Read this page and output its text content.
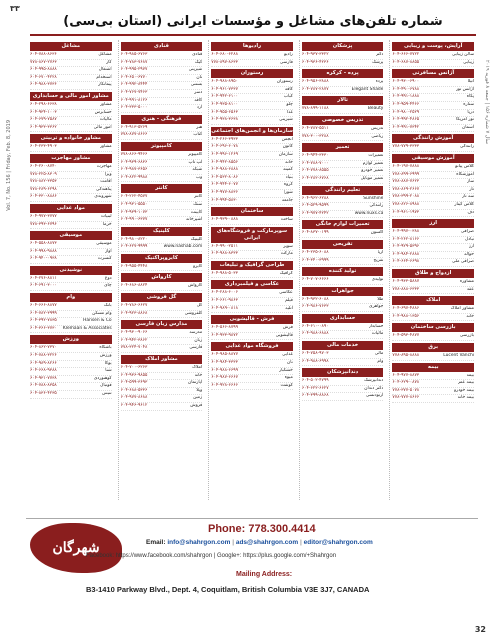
۳۳
Vol. 7, No. 156 | Friday, Feb. 8, 2019
سال ۷ شماره ۱۵۶ | جمعه ۸ فوریه ۲۰۱۹
شماره تلفن‌های مشاغل و مؤسسات ایرانی (استان بی‌سی)
آرایش، پوست و زیبایی
سالن زیبایی
۶۰۴-۶۶۶-۷۷۲۲
زیبایی
۶۰۴-۶۸۷-۸۸۵۵
آژانس مسافرتی
آتیلا
۶۰۴-۹۳۰-۶۹۰۰
آژانس تور
۶۰۴-۴۹۰-۶۷۸۸
پگاه
۶۰۴-۹۹۱-۱۸۸۸
ستاره
۶۰۴-۹۵۹-۴۴۶۶
دریا
۶۰۴-۹۸۰-۲۵۲۹
تور آمریکا
۶۰۴-۹۹۲-۴۸۶۵
آسمان
۶۰۴-۹۹۱-۷۳۴۲
آموزش رانندگی
رانندگی
۷۷۸-۷۷۹-۳۳۳۳
آموزش موسیقی
کلاس پیانو
۶۰۴-۱۹۷-۷۸۸۸
آموزشگاه
۷۷۸-۸۹۹-۶۹۹۹
ساز
۷۷۸-۸۸۷-۷۶۲۳
تار
۷۷۸-۸۶۹-۲۶۶۷
سه تار
۷۷۸-۳۹۹-۲۰۸۸
کلاس گیتار
۷۷۸-۸۲۶-۸۹۸۸
دف
۶۰۴-۹۶۱-۱۹۷۳
ارز
صرافی
۶۰۴-۹۹۷-۰۳۸۸
تبادل
۶۰۴-۲۶۲-۸۱۶۶
ارز
۶۰۴-۹۲۹-۵۳۹۶
حواله
۶۰۴-۹۸۴-۲۸۸۸
صرافی ملی
۶۰۴-۶۶۴-۶۶۹۸
ازدواج و طلاق
مشاوره
۶۰۴-۹۳۳-۵۸۸۷
عقد
۷۷۸-۸۸۸-۶۳۳۳
املاک
مشاور املاک
۶۰۴-۶۹۷-۴۸۸۶
خانه
۶۰۴-۹۸۸-۱۳۵۶
بازرسی ساختمان
بازرسی
۶۰۴-۵۹۳-۴۸۷۷
برق
Lucent Vanchi
۷۷۸-۸۹۵-۸۸۸۸
بیمه
بیمه
۶۰۴-۹۷۷-۸۸۷۳
بیمه عمر
۶۰۴-۶۲۹-۰۸۷۸
بیمه خودرو
۷۷۸-۳۷۷-۵۰۷۸
بیمه خانه
۷۷۸-۷۷۷-۸۶۶۶
پزشکان
دکتر
۶۰۴-۹۳۷-۳۳۲۲
پزشک
۶۰۴-۹۳۶-۴۲۳۶
پرده - کرکره
پرده
۶۰۴-۹۵۶-۳۸۸۸
Elegant Shade
۶۰۴-۷۸۷-۲۸۷۷
تالار
Beauty
۷۷۸-۸۹۹-۱۱۸۸
تدریس خصوصی
تدریس
۶۰۴-۷۸۷-۵۵۱۱
ریاضی
۷۷۸-۳۰۰-۳۲۸۸
تعمیر
تعمیرات
۶۰۴-۹۴۴-۳۳۳۰
تعمیر لوازم
۶۰۴-۷۸۸-۷۰۰۰
تعمیر خودرو
۶۰۴-۷۷۸-۸۵۵۵
تعمیر موبایل
۶۰۴-۲۸۲-۶۷۶۸
تعلیم رانندگی
Sunshine
۶۰۴-۹۶۲-۶۲۸۸
رانندگی
۶۰۴-۵۲۹-۹۵۹۹
www.nuxs.ca
۶۰۴-۹۷۷-۴۲۴۲
تعمیرات لوازم خانگی
آکسون
۶۰۴-۸۳۷-۰۱۹۹
تفریحی
آریا
۶۰۴-۲۳۵-۶۰۸۸
تفریح
۶۰۴-۳۴۰-۳۹۹۹
تولید کننده
تولیدی
۶۰۴-۷۰۷-۶۶۶۶
جواهرات
طلا
۶۰۴-۹۳۲-۶۰۸۸
جواهری
۶۰۴-۹۸۶-۷۶۳۳
حسابداری
حسابدار
۶۰۴-۶۱۰-۰۸۹۰
مالیات
۶۰۴-۹۸۸-۶۸۸۸
خدمات مالی
مالی
۶۰۴-۷۵۸-۹۷۰۳
وام
۶۰۴-۹۸۸-۶۹۹۸
دندانپزشکان
دندانپزشک
۶۰۴-۵۰۲-۴۷۹۹
دکتر دندان
۶۰۴-۶۲۲-۶۶۲۷
ارتودنسی
۶۰۴-۳۹۹-۸۸۶۸
رادیوها
رادیو
۶۰۴-۶۸۰-۶۲۸۸
فارسی
۷۷۸-۸۹۷-۸۶۳۳
رستوران
رستوران
۶۰۴-۹۸۸-۸۹۵۰
کافه
۶۰۴-۹۶۱-۷۳۳۷
کباب
۶۰۴-۹۴۲-۶۱۰۰
چلو
۶۰۴-۹۳۵-۸۱۰۰
غذا
۶۰۴-۹۵۵-۶۵۶۳
شیرینی
۶۰۴-۹۳۸-۳۶۳۸
سازمان‌ها و انجمن‌های اجتماعی
انجمن
۶۰۴-۲۶۶-۳۹۳۳
کانون
۶۰۴-۶۹۶-۶۰۷۸
سازمان
۶۰۴-۹۹۶-۱۲۶۹
خانه
۶۰۴-۹۴۲-۸۵۵۶
کمیته
۶۰۴-۹۸۸-۶۸۸۸
بنیاد
۶۰۴-۵۳۲-۸۰۸۶
گروه
۶۰۴-۹۴۴-۶۰۷۷
شورا
۶۰۴-۹۷۷-۸۸۳۶
جامعه
۶۰۴-۹۹۴-۵۸۳۰
ساختمان
ساخت
۶۰۴-۹۳۹-۰۸۸۸
سوپرمارکت و فروشگاه‌های ایرانی
سوپر
۶۰۴-۹۹۰-۲۵۱۱
مارکت
۶۰۴-۹۸۸-۸۳۳۳
طراحی گرافیک و تبلیغات
گرافیک
۶۰۴-۹۸۸-۵۰۳۳
عکاسی و فیلمبرداری
عکاسی
۶۰۴-۲۸۸-۶۰۰۶
فیلم
۶۰۴-۶۶۱-۹۸۶۳
آتلیه
۶۰۴-۹۸۹-۰۸۱۸
فرش - قالیشویی
فرش
۶۰۴-۵۶۶-۸۷۹۹
قالیشویی
۶۰۴-۹۳۳-۹۸۷۲
فروشگاه مواد غذایی
غذایی
۶۰۴-۹۸۵-۸۸۷۷
نان
۶۰۴-۹۸۴-۳۳۳۳
خشکبار
۶۰۴-۹۸۸-۶۶۹۹
میوه
۶۰۴-۹۸۷-۶۶۶۷
گوشت
۶۰۴-۹۲۸-۶۶۶۶
قنادی
قنادی
۶۰۴-۹۸۵-۶۷۶۳
کیک
۶۰۴-۷۸۳-۷۶۸۷
شیرینی
۶۰۴-۹۹۵-۲۹۷۷
نان
۶۰۴-۶۵۰-۶۷۷۰
بستنی
۶۰۴-۹۹۲-۸۴۴۴
دسر
۶۰۴-۷۶۷-۷۴۶۳
کافه
۶۰۴-۹۹۱-۸۱۲۶
آرد
۶۰۴-۳۳۳-۵۰۰۰
فرهنگی - هنری
هنر
۶۰۴-۹۱۳-۵۲۶۹
کتاب
۷۷۸-۸۷۷-۸۶۶۶
کامپیوتر
کامپیوتر
۷۷۸-۸۶۶-۹۴۶۶
لپ تاپ
۶۰۴-۹۳۹-۶۸۳۶
شبکه
۶۰۴-۹۸۷-۳۶۵۶
وب
۶۰۴-۸۲۲-۹۹۸۸
کانتر
کانتر
۶۰۴-۲۶۲-۴۵۷۷
سنگ
۶۰۴-۹۳۱-۵۵۵۰
کابینت
۶۰۴-۹۳۹-۱۰۷۳
آشپزخانه
۶۰۴-۹۹۰-۶۳۷۷
کلینیک
کلینیک
۶۰۴-۹۸۰-۸۲۲۰
www.nashab.com
۶۰۴-۶۲۷-۹۹۹۹
کایروپراکتیک
کایرو
۶۰۴-۹۵۵-۴۴۴۸
کارواش
کارواش
۶۰۴-۶۸۶-۸۸۲۴
گل فروشی
گل
۶۰۴-۷۸۶-۶۶۲۷
گلفروشی
۶۰۴-۹۲۳-۸۸۶۸
مدارس زبان فارسی
مدرسه
۶۰۴-۹۳۰-۹۰۶۶
زبان
۶۰۴-۹۴۲-۳۸۶۲
فارسی
۷۷۸-۳۲۴-۷۰۴۸
مشاور املاک
املاک
۶۰۴-۷۰۰-۶۲۶۳
خانه
۶۰۴-۹۳۶-۹۸۵۵
آپارتمان
۶۰۴-۵۹۹-۳۶۹۳
ویلا
۶۰۴-۶۸۸-۵۳۳۶
زمین
۶۰۴-۹۷۷-۸۶۸۸
فروش
۶۰۴-۹۴۶-۹۶۱۲
مشاغل
مشاغل
۶۰۴-۷۸۸-۸۶۳۶
کار
۷۷۸-۸۶۷-۲۷۶۳
اشتغال
۶۰۴-۹۹۵-۸۸۸۸
استخدام
۶۰۴-۶۷۰-۴۲۲۸
پیمانکار
۶۰۴-۹۸۸-۳۷۳۶
مشاور امور مالی و حسابداری
مشاور
۶۰۴-۲۹۸-۶۶۳۸
حسابرس
۶۰۴-۹۳۴-۱۰۰۳
مالیات
۶۰۴-۶۷۹-۷۵۸۷
امور مالی
۶۰۴-۹۳۳-۳۳۶۲
مشاور خانواده و تربیتی
مشاور
۶۰۴-۲۳۳-۴۹۰۳
مشاور مهاجرت
مهاجرت
۶۰۴-۲۶۰-۸۷۴۰
ویزا
۷۷۸-۲۲۵-۸۳۰۹
اقامت
۷۷۸-۸۸۲-۳۳۵۳
پناهندگی
۷۷۸-۲۸۹-۶۲۹۸
شهروندی
۶۰۴-۳۳۰-۸۸۸۶
مواد غذایی
لبنیات
۶۰۴-۹۷۷-۳۷۷۷
خرما
۷۷۸-۳۹۳-۶۷۹۶
موسیقی
موسیقی
۶۰۴-۵۵۸-۸۸۷۳
آواز
۶۰۴-۹۹۸-۹۸۸۸
کنسرت
۶۰۴-۹۴۰-۰۹۳۸
نوشیدنی
دوغ
۶۰۴-۲۷۶-۸۸۱۱
چای
۶۰۴-۶۹۱-۳۰۰۰
وام
بانک
۶۰۴-۶۶۶-۸۸۷۷
وام مسکن
۶۰۴-۷۸۲-۳۹۹۹
Hansen & Co
۶۰۴-۳۹۲-۷۸۳۵
Klemaan & Associates
۶۰۴-۳۶۶-۳۷۳۰
ورزش
باشگاه
۶۰۴-۸۶۲-۷۳۷۰
ورزش
۶۰۴-۷۸۸-۳۲۲۶
یوگا
۶۰۴-۹۸۹-۸۲۶۶
شنا
۶۰۴-۶۶۸-۹۳۸۸
کوهنوردی
۶۰۴-۹۳۱-۷۷۳۸
فوتبال
۶۰۴-۷۸۸-۸۳۵۸
تنیس
۶۰۴-۸۳۶-۴۲۳۵
شهرگان
Phone: 778.300.4414
Email: info@shahrgon.com | ads@shahrgon.com | editor@shahrgon.com
Facebook: https://www.facebook.com/shahrgon | Google+: https://plus.google.com/+Shahrgon
Mailing Address:
B3-1410 Parkway Blvd., Dept. 4, Coquitlam, British Columbia V3E 3J7, CANADA
32
